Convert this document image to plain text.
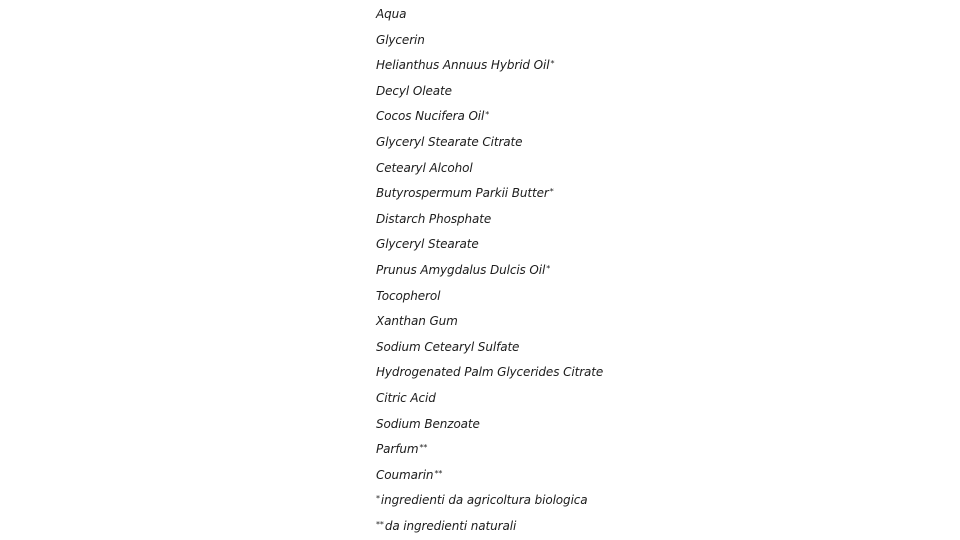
Aqua
Glycerin
Helianthus Annuus Hybrid Oil*
Decyl Oleate
Cocos Nucifera Oil*
Glyceryl Stearate Citrate
Cetearyl Alcohol
Butyrospermum Parkii Butter*
Distarch Phosphate
Glyceryl Stearate
Prunus Amygdalus Dulcis Oil*
Tocopherol
Xanthan Gum
Sodium Cetearyl Sulfate
Hydrogenated Palm Glycerides Citrate
Citric Acid
Sodium Benzoate
Parfum**
Coumarin**
*ingredienti da agricoltura biologica
**da ingredienti naturali
